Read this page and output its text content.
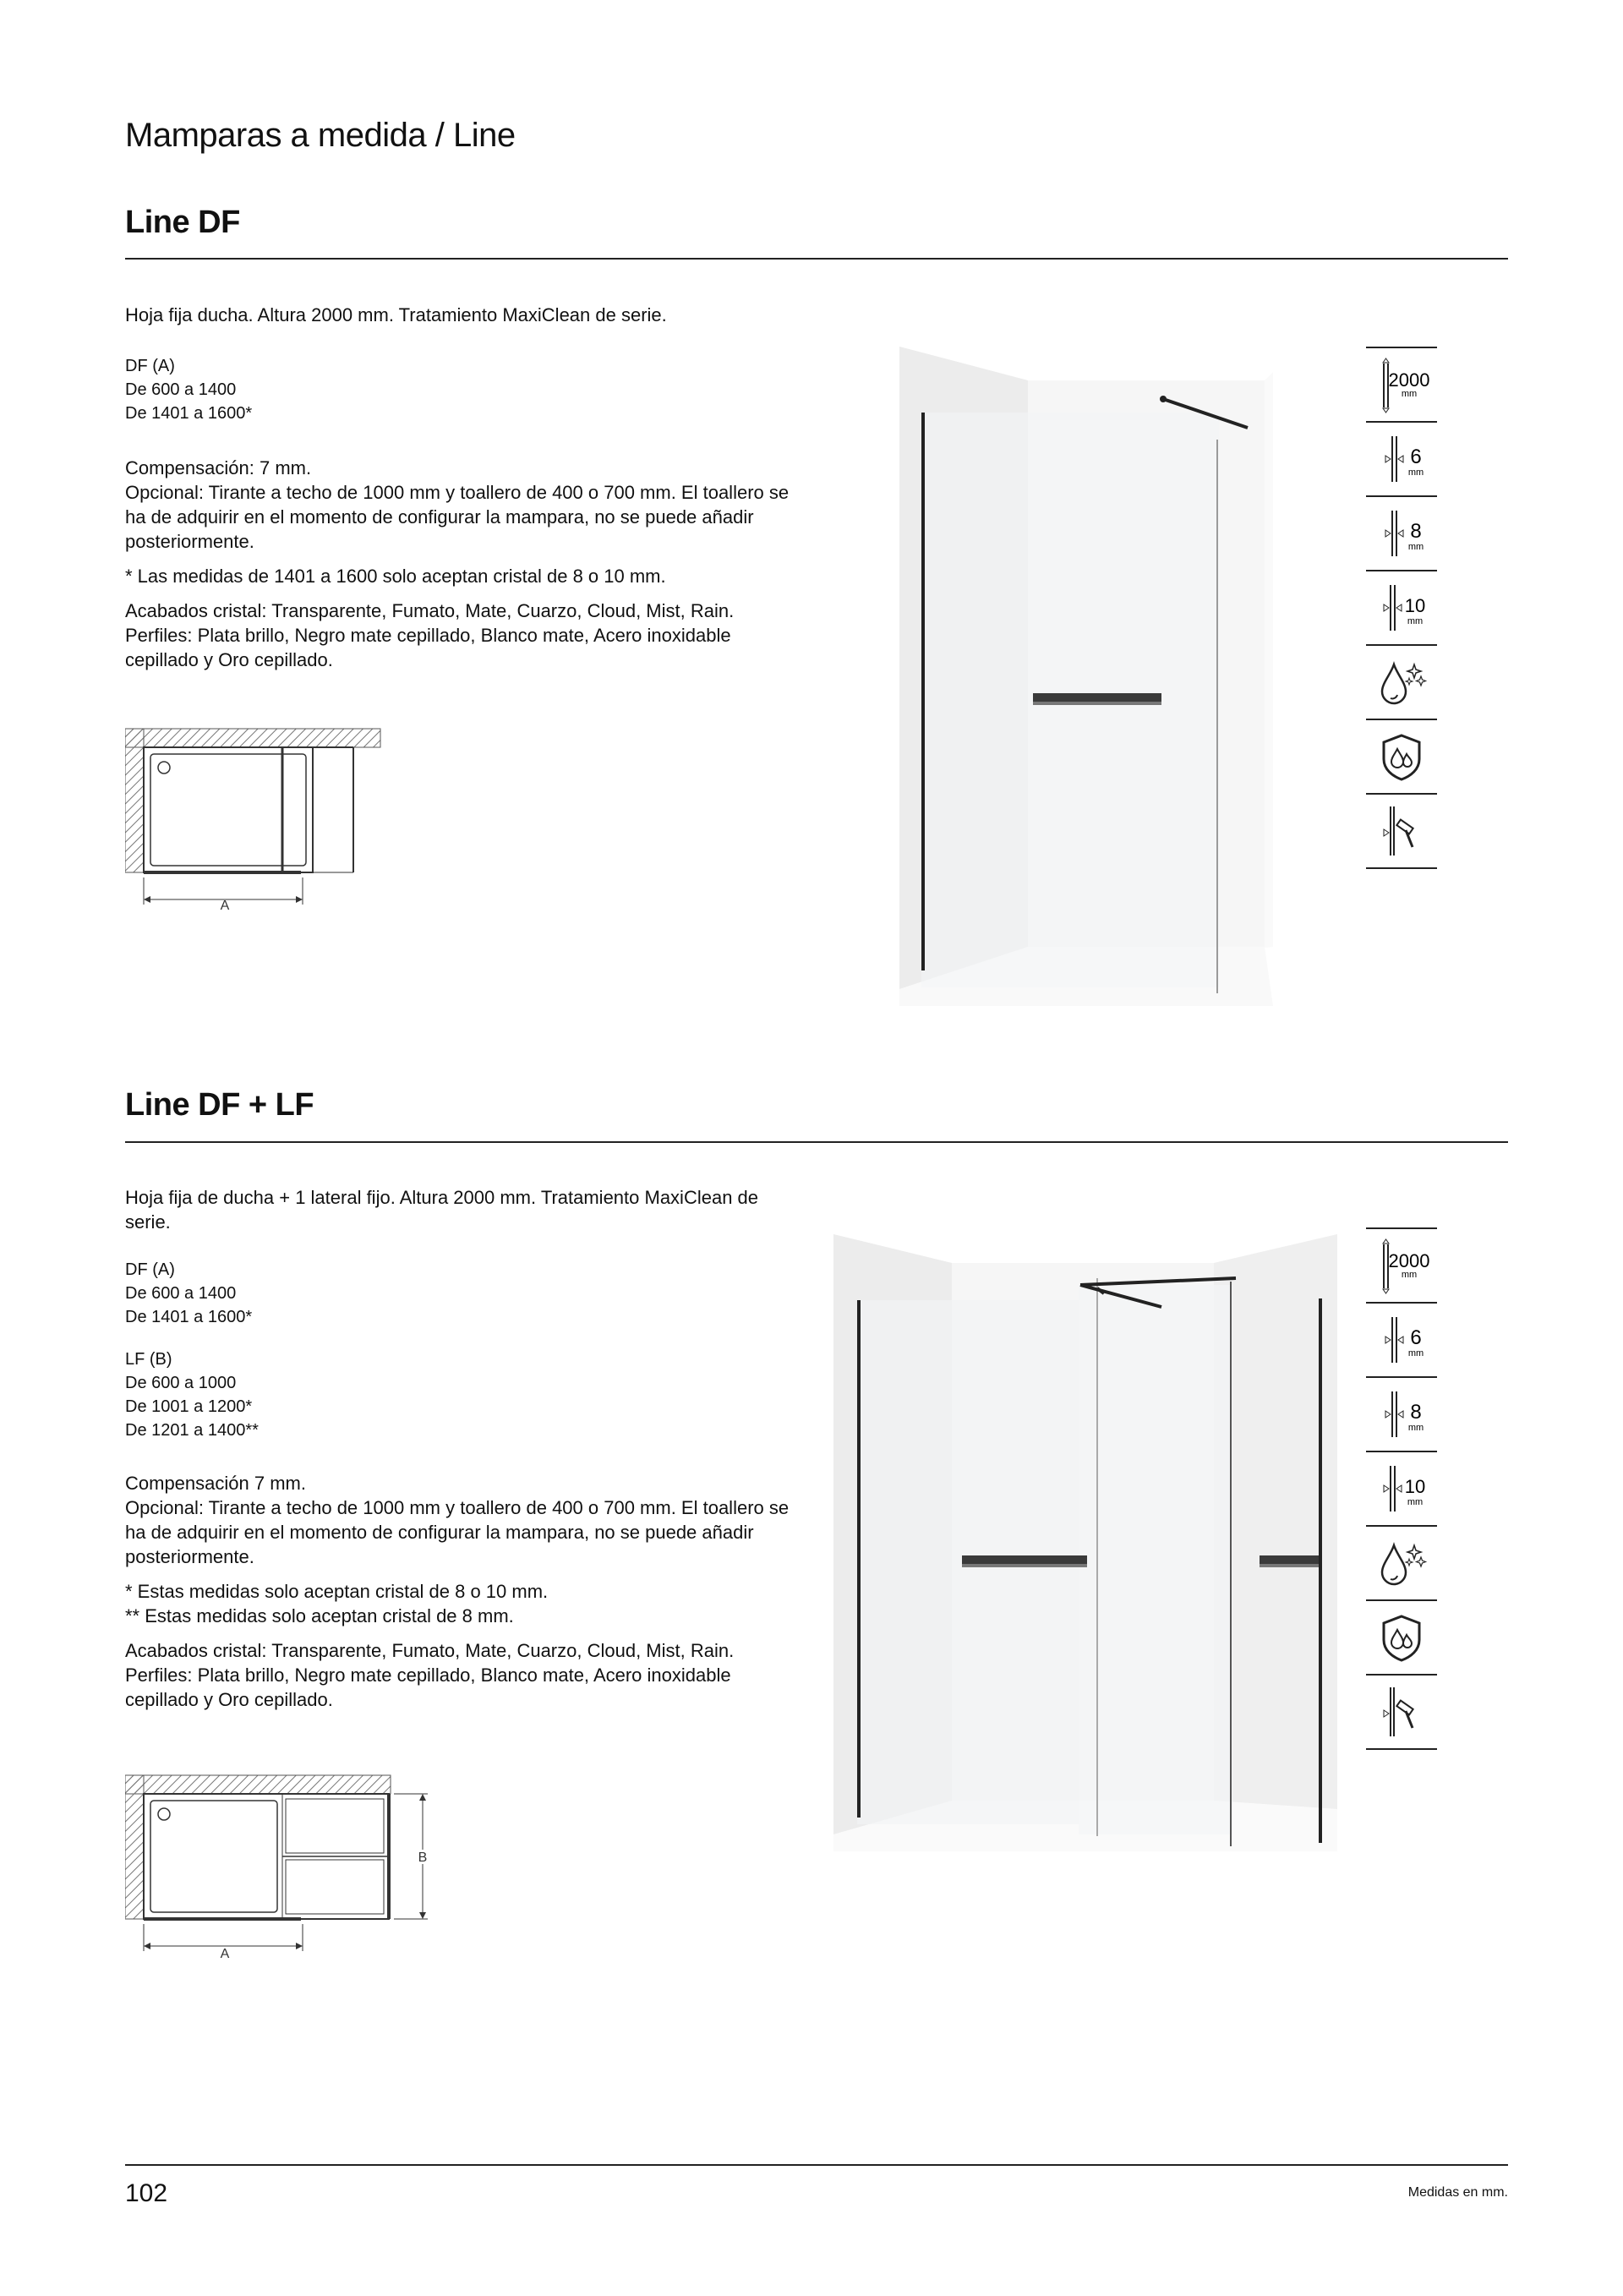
Mamparas a medida / Line
Line DF

Hoja fija ducha. Altura 2000 mm. Tratamiento MaxiClean de serie.

DF (A)
De 600 a 1400
De 1401 a 1600*

Compensación: 7 mm.

Opcional: Tirante a techo de 1000 mm y toallero de 400 o 700 mm. El toallero se ha de adquirir en el momento de configurar la mampara, no se puede añadir posteriormente.

* Las medidas de 1401 a 1600 solo aceptan cristal de 8 o 10 mm.

Acabados cristal: Transparente, Fumato, Mate, Cuarzo, Cloud, Mist, Rain.

Perfiles: Plata brillo, Negro mate cepillado, Blanco mate, Acero inoxidable cepillado y Oro cepillado.

A
2000
mm
6
mm
8
mm
10
mm
Line DF + LF

Hoja fija de ducha + 1 lateral fijo. Altura 2000 mm. Tratamiento MaxiClean de serie.

DF (A)
De 600 a 1400
De 1401 a 1600*
LF (B)
De 600 a 1000
De 1001 a 1200*
De 1201 a 1400**

Compensación 7 mm.

Opcional: Tirante a techo de 1000 mm y toallero de 400 o 700 mm. El toallero se ha de adquirir en el momento de configurar la mampara, no se puede añadir posteriormente.

* Estas medidas solo aceptan cristal de 8 o 10 mm.

** Estas medidas solo aceptan cristal de 8 mm.

Acabados cristal: Transparente, Fumato, Mate, Cuarzo, Cloud, Mist, Rain.

Perfiles: Plata brillo, Negro mate cepillado, Blanco mate, Acero inoxidable cepillado y Oro cepillado.

B
A
2000
mm
6
mm
8
mm
10
mm
102	Medidas en mm.
